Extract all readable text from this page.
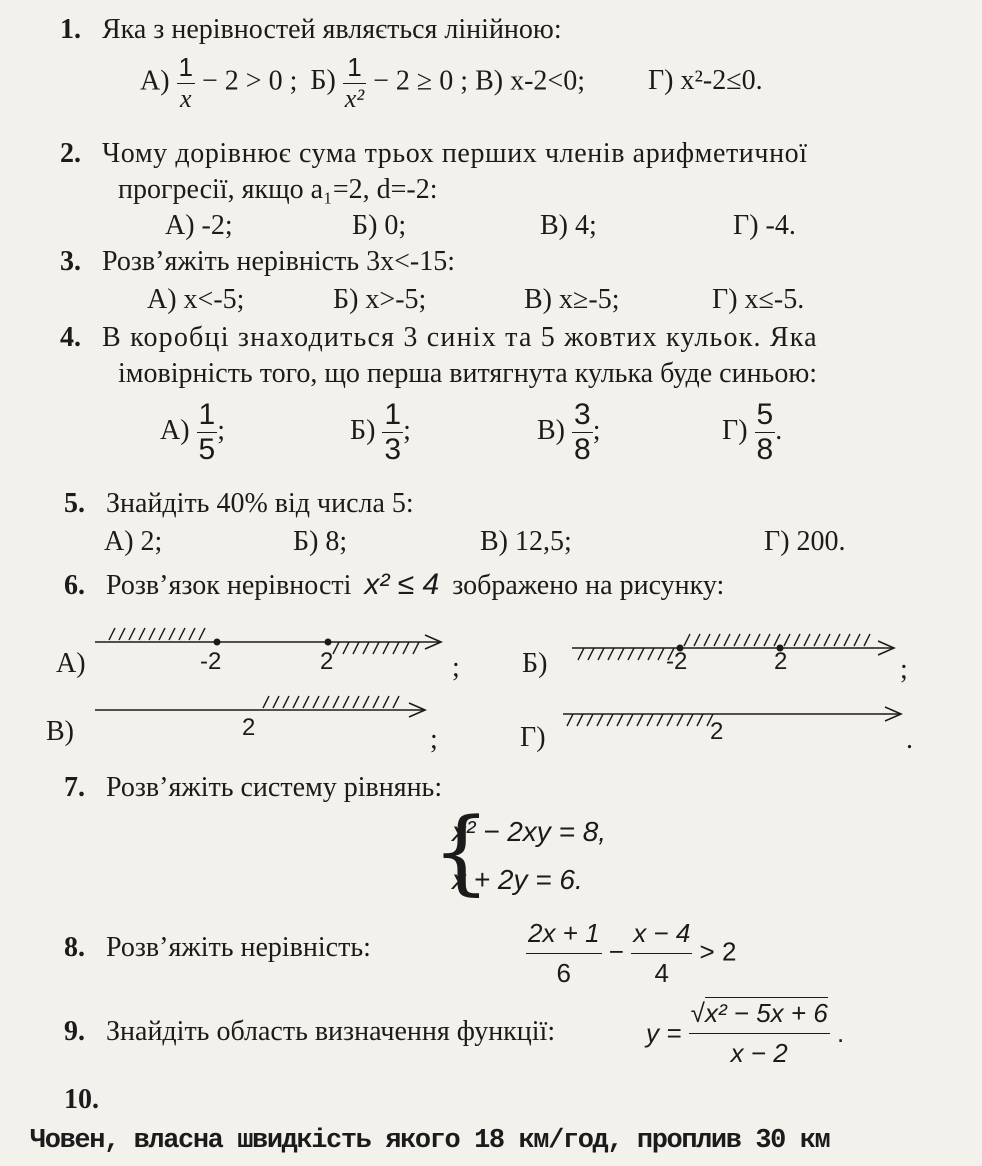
1. Яка з нерівностей являється лінійною:
$А) \frac{1}{x} - 2 > 0$ ; $Б) \frac{1}{\text{x²}} - 2 \ge 0$ ; В) x-2<0; Г) x²-2≤0.
2. Чому дорівнює сума трьох перших членів арифметичної
прогресії, якщо a₁=2, d=-2:
А) -2;	Б) 0;	В) 4;	Г) -4.
3. Розв’яжіть нерівність 3x<-15:
А) x<-5;	Б) x>-5;	В) x≥-5;	Г) x≤-5.
4. В коробці знаходиться 3 синіх та 5 жовтих кульок. Яка
імовірність того, що перша витягнута кулька буде синьою:
$А) \frac{1}{5}$ ;	$Б) \frac{1}{3}$ ;	$В) \frac{3}{8}$ ;	$Г) \frac{5}{8}$ .
5. Знайдіть 40% від числа 5:
А) 2;	Б) 8;	В) 12,5;	Г) 200.
6. Розв’язок нерівності x² ≤ 4 зображено на рисунку:
А)	-2	2	; Б)	-2	2	;
В)	2	;	Г)	2	.
7. Розв’яжіть систему рівнянь:
{
x² − 2xy = 8,
x + 2y = 6.
8. Розв’яжіть нерівність:	$\frac{2x + 1}{6} - \frac{x - 4}{4} > 2$
9. Знайдіть область визначення функції:	$y = \frac{\text{√x² − 5x + 6}}{x - 2}$ .
10.
Човен, власна швидкість якого 18 км/год, проплив 30 км
